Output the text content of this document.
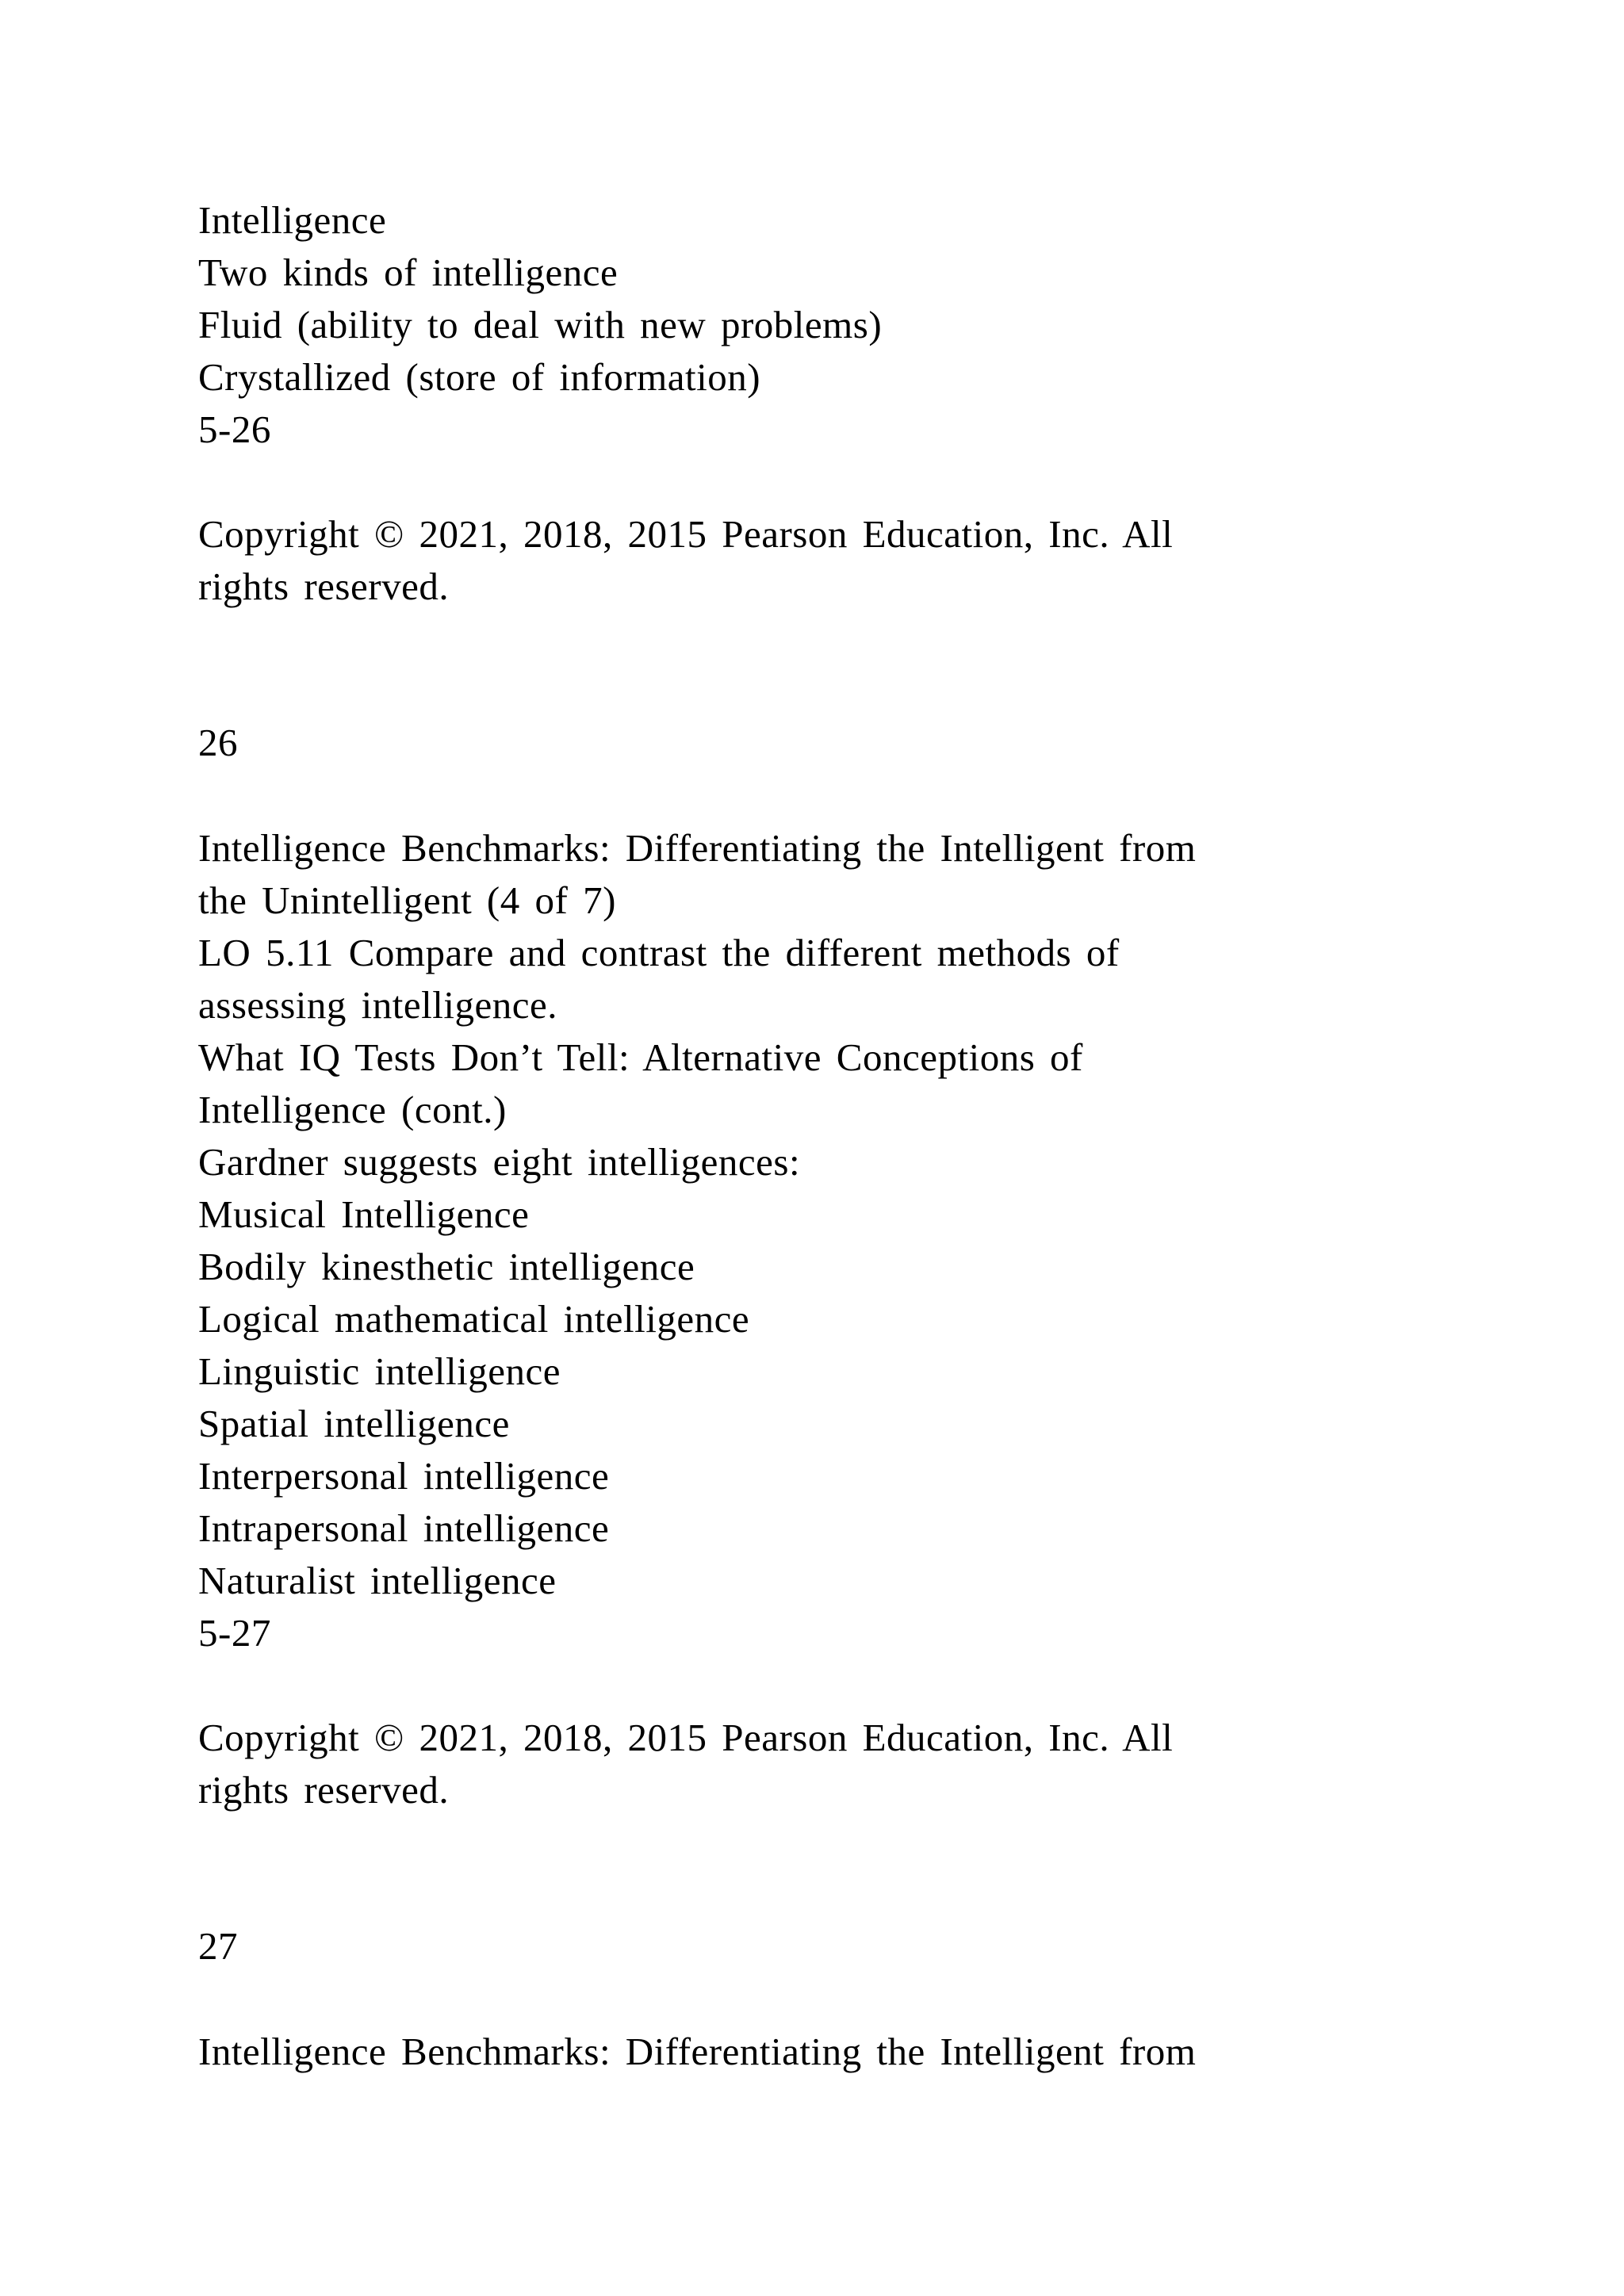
Intelligence

Two kinds of intelligence

Fluid (ability to deal with new problems)

Crystallized (store of information)

5-26

Copyright © 2021, 2018, 2015 Pearson Education, Inc. All

rights reserved.

26

Intelligence Benchmarks: Differentiating the Intelligent from

the Unintelligent (4 of 7)

LO 5.11 Compare and contrast the different methods of

assessing intelligence.

What IQ Tests Don’t Tell: Alternative Conceptions of

Intelligence (cont.)

Gardner suggests eight intelligences:

Musical Intelligence

Bodily kinesthetic intelligence

Logical mathematical intelligence

Linguistic intelligence

Spatial intelligence

Interpersonal intelligence

Intrapersonal intelligence

Naturalist intelligence

5-27

Copyright © 2021, 2018, 2015 Pearson Education, Inc. All

rights reserved.

27

Intelligence Benchmarks: Differentiating the Intelligent from
